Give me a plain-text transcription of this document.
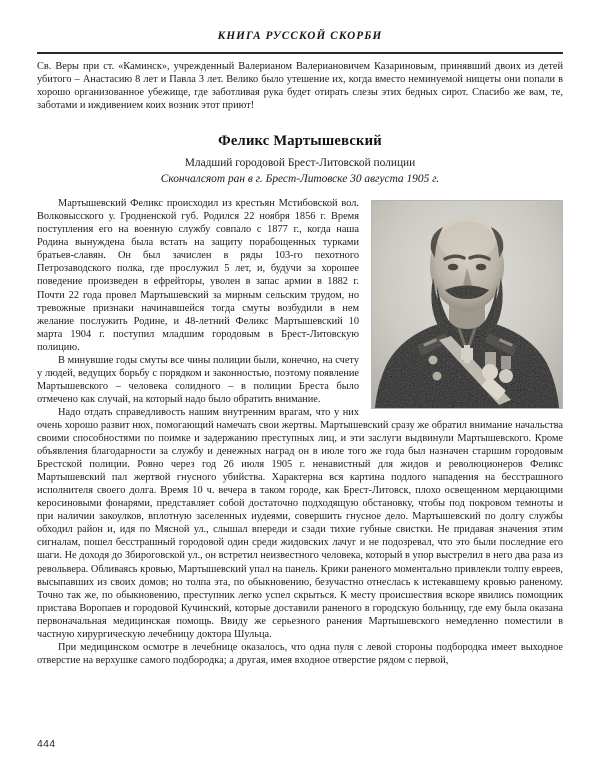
КНИГА РУССКОЙ СКОРБИ

Св. Веры при ст. «Каминск», учрежденный Валерианом Валериановичем Казариновым, принявший двоих из детей убитого – Анастасию 8 лет и Павла 3 лет. Велико было утешение их, когда вместо неминуемой нищеты они попали в хорошо организованное убежище, где заботливая рука будет отирать слезы этих бедных сирот. Спасибо же вам, те, заботами и иждивением коих возник этот приют!

Феликс Мартышевский
Младший городовой Брест-Литовской полиции
Скончалсяот ран в г. Брест-Литовске 30 августа 1905 г.

Мартышевский Феликс происходил из крестьян Мстибовской вол. Волковысского у. Гродненской губ. Родился 22 ноября 1856 г. Время поступления его на военную службу совпало с 1877 г., когда наша Родина вынуждена была встать на защиту порабощенных турками братьев-славян. Он был зачислен в ряды 103-го пехотного Петрозаводского полка, где прослужил 5 лет, и, будучи за хорошее поведение произведен в ефрейторы, уволен в запас армии в 1882 г. Почти 22 года провел Мартышевский за мирным сельским трудом, но тревожные признаки начинавшейся тогда смуты возбудили в нем желание послужить Родине, и 48-летний Феликс Мартышевский 10 марта 1904 г. поступил младшим городовым в Брест-Литовскую полицию.

В минувшие годы смуты все чины полиции были, конечно, на счету у людей, ведущих борьбу с порядком и законностью, поэтому появление Мартышевского – человека солидного – в полиции Бреста было отмечено как случай, на который надо было обратить внимание.

Надо отдать справедливость нашим внутренним врагам, что у них очень хорошо развит нюх, помогающий намечать свои жертвы. Мартышевский сразу же обратил внимание начальства своими способностями по поимке и задержанию преступных лиц, и эти заслуги выдвинули Мартышевского. Кроме объявления благодарности за службу и денежных наград он в июле того же года был назначен старшим городовым Брестской полиции. Ровно через год 26 июля 1905 г. ненавистный для жидов и революционеров Феликс Мартышевский пал жертвой гнусного убийства. Характерна вся картина подлого нападения на бесстрашного исполнителя своего долга. Время 10 ч. вечера в таком городе, как Брест-Литовск, плохо освещенном мерцающими керосиновыми фонарями, представляет собой достаточно подходящую обстановку, чтобы под покровом темноты и при наличии закоулков, вплотную заселенных иудеями, совершить гнусное дело. Мартышевский по долгу службы обходил район и, идя по Мясной ул., слышал впереди и сзади тихие губные свистки. Не придавая значения этим сигналам, пошел бесстрашный городовой один среди жидовских лачуг и не подозревал, что это были последние его шаги. Не доходя до Збироговской ул., он встретил неизвестного человека, который в упор выстрелил в него два раза из револьвера. Обливаясь кровью, Мартышевский упал на панель. Крики раненого моментально привлекли толпу евреев, высыпавших из своих домов; но толпа эта, по обыкновению, безучастно отнеслась к истекавшему кровью раненому. Точно так же, по обыкновению, преступник легко успел скрыться. К месту происшествия вскоре явились помощник пристава Воропаев и городовой Кучинский, которые доставили раненого в городскую больницу, где ему была оказана первоначальная медицинская помощь. Ввиду же серьезного ранения Мартышевского немедленно поместили в частную хирургическую лечебницу доктора Шульца.

При медицинском осмотре в лечебнице оказалось, что одна пуля с левой стороны подбородка имеет выходное отверстие на верхушке самого подбородка; а другая, имея входное отверстие рядом с первой,

444
